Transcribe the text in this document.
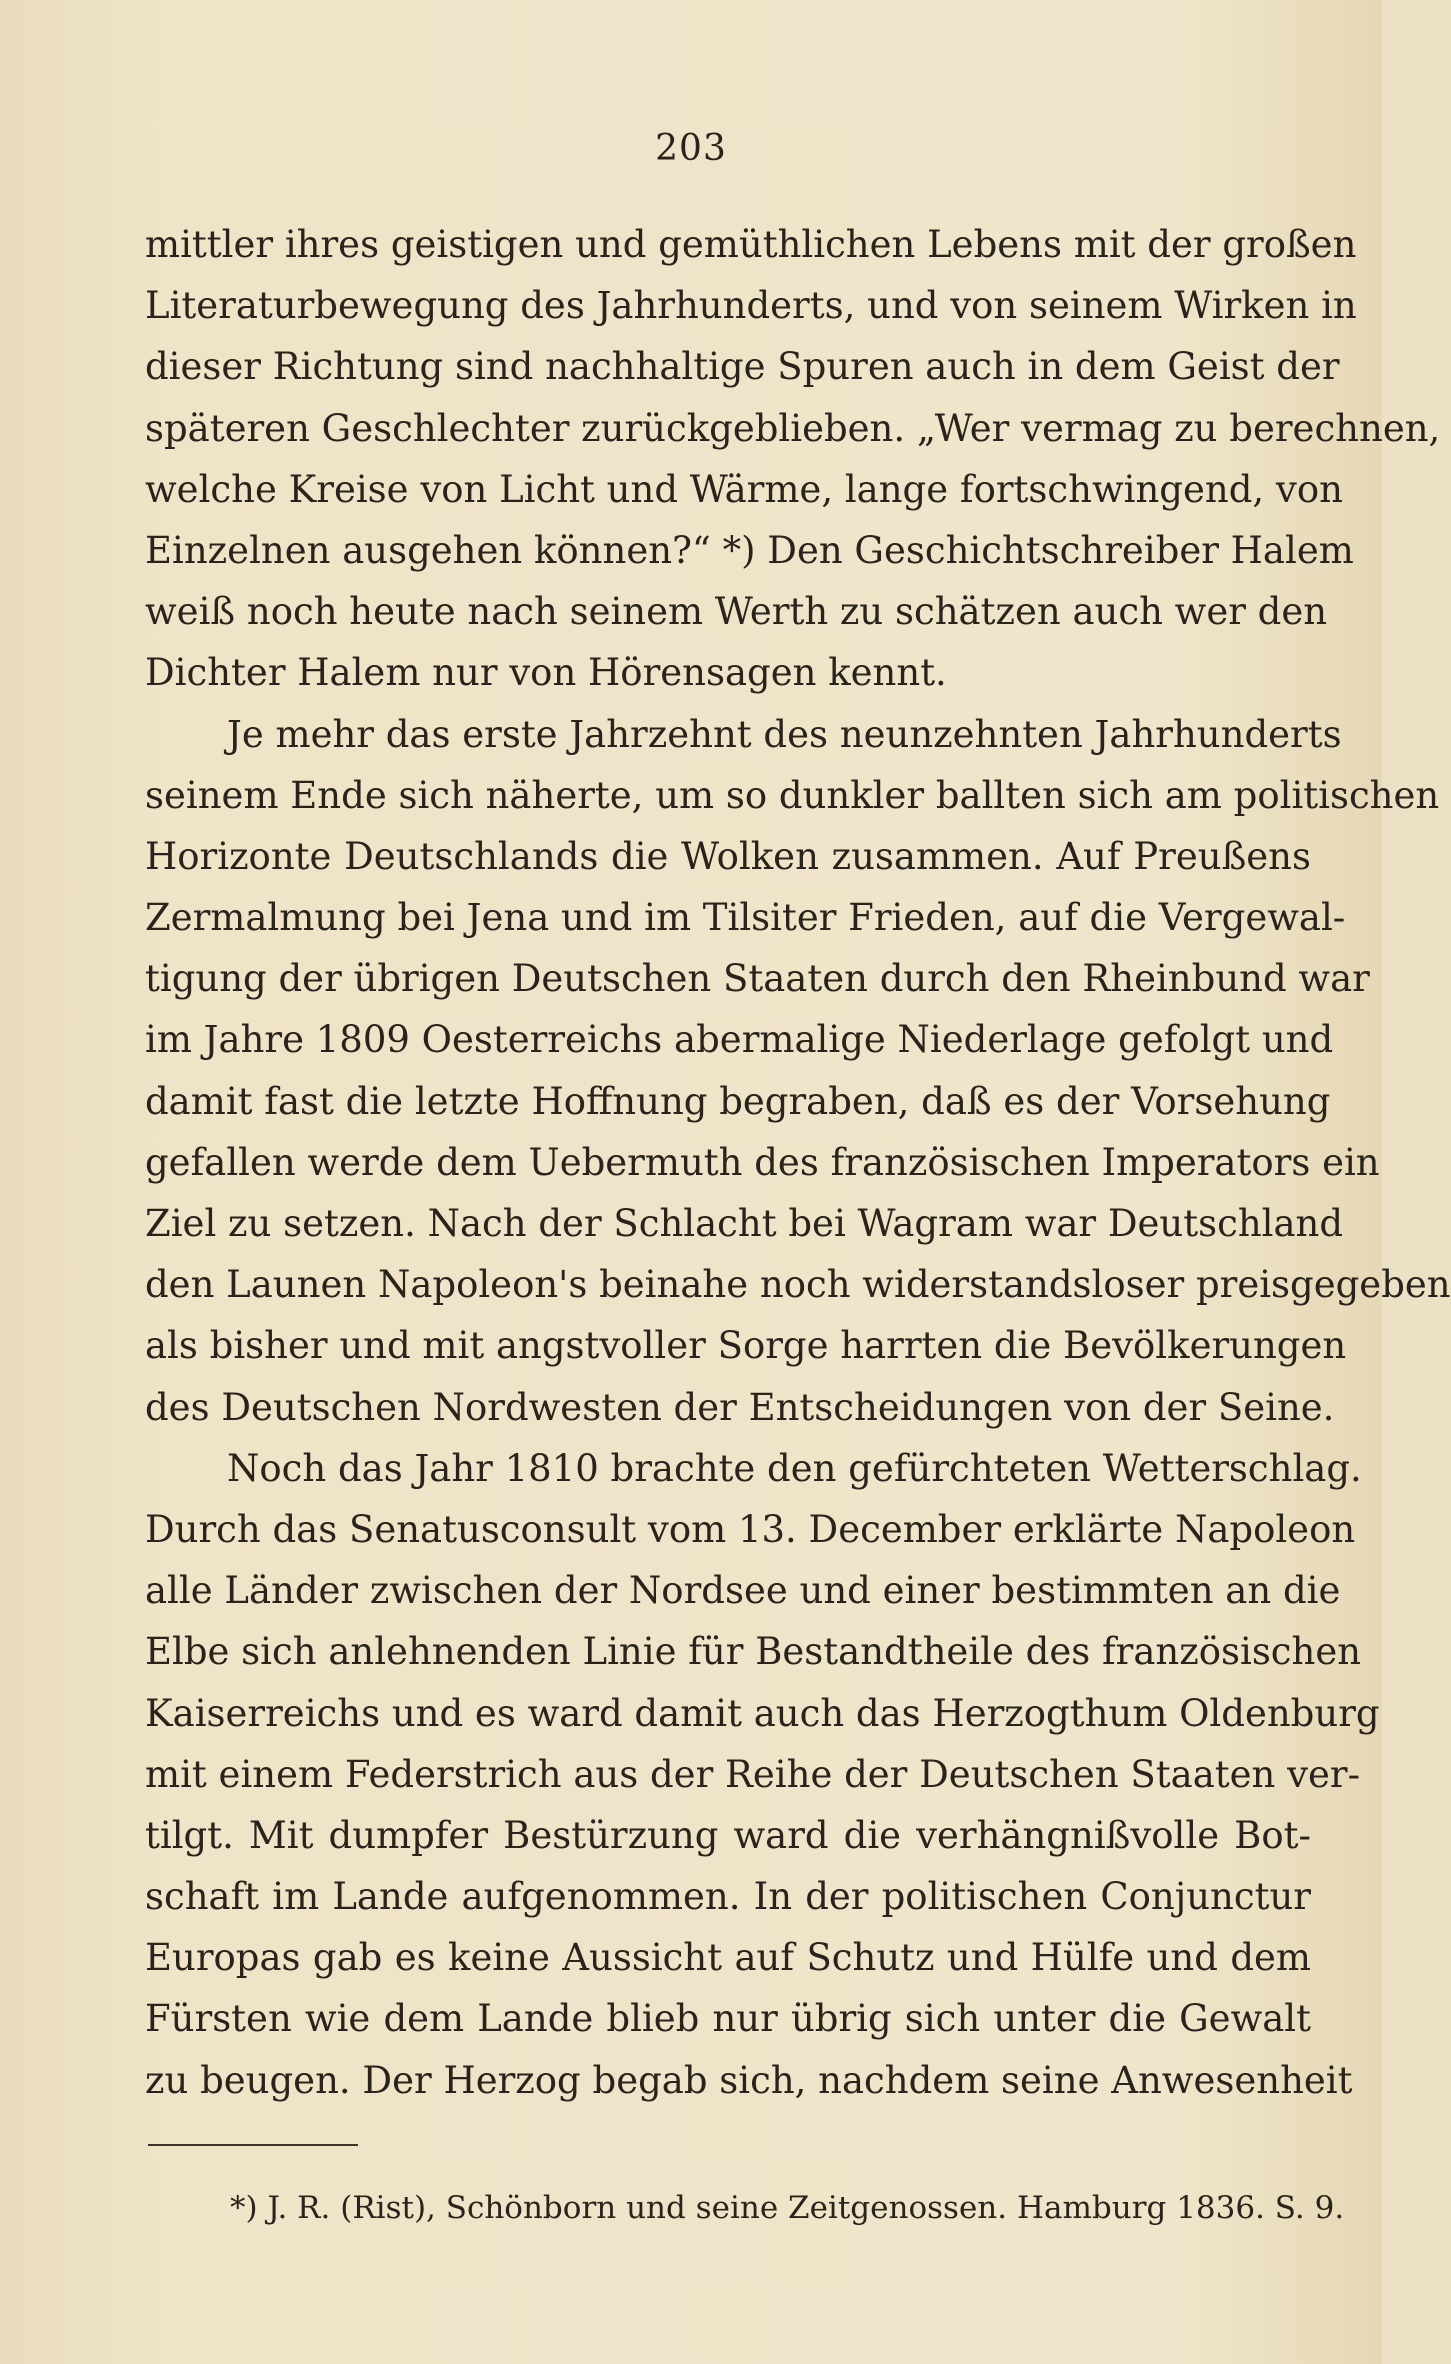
203
mittler ihres geistigen und gemüthlichen Lebens mit der großen
Literaturbewegung des Jahrhunderts, und von seinem Wirken in
dieser Richtung sind nachhaltige Spuren auch in dem Geist der
späteren Geschlechter zurückgeblieben. „Wer vermag zu berechnen,
welche Kreise von Licht und Wärme, lange fortschwingend, von
Einzelnen ausgehen können?“ *) Den Geschichtschreiber Halem
weiß noch heute nach seinem Werth zu schätzen auch wer den
Dichter Halem nur von Hörensagen kennt.
Je mehr das erste Jahrzehnt des neunzehnten Jahrhunderts
seinem Ende sich näherte, um so dunkler ballten sich am politischen
Horizonte Deutschlands die Wolken zusammen. Auf Preußens
Zermalmung bei Jena und im Tilsiter Frieden, auf die Vergewal-
tigung der übrigen Deutschen Staaten durch den Rheinbund war
im Jahre 1809 Oesterreichs abermalige Niederlage gefolgt und
damit fast die letzte Hoffnung begraben, daß es der Vorsehung
gefallen werde dem Uebermuth des französischen Imperators ein
Ziel zu setzen. Nach der Schlacht bei Wagram war Deutschland
den Launen Napoleon's beinahe noch widerstandsloser preisgegeben
als bisher und mit angstvoller Sorge harrten die Bevölkerungen
des Deutschen Nordwesten der Entscheidungen von der Seine.
Noch das Jahr 1810 brachte den gefürchteten Wetterschlag.
Durch das Senatusconsult vom 13. December erklärte Napoleon
alle Länder zwischen der Nordsee und einer bestimmten an die
Elbe sich anlehnenden Linie für Bestandtheile des französischen
Kaiserreichs und es ward damit auch das Herzogthum Oldenburg
mit einem Federstrich aus der Reihe der Deutschen Staaten ver-
tilgt. Mit dumpfer Bestürzung ward die verhängnißvolle Bot-
schaft im Lande aufgenommen. In der politischen Conjunctur
Europas gab es keine Aussicht auf Schutz und Hülfe und dem
Fürsten wie dem Lande blieb nur übrig sich unter die Gewalt
zu beugen. Der Herzog begab sich, nachdem seine Anwesenheit
*) J. R. (Rist), Schönborn und seine Zeitgenossen. Hamburg 1836. S. 9.
